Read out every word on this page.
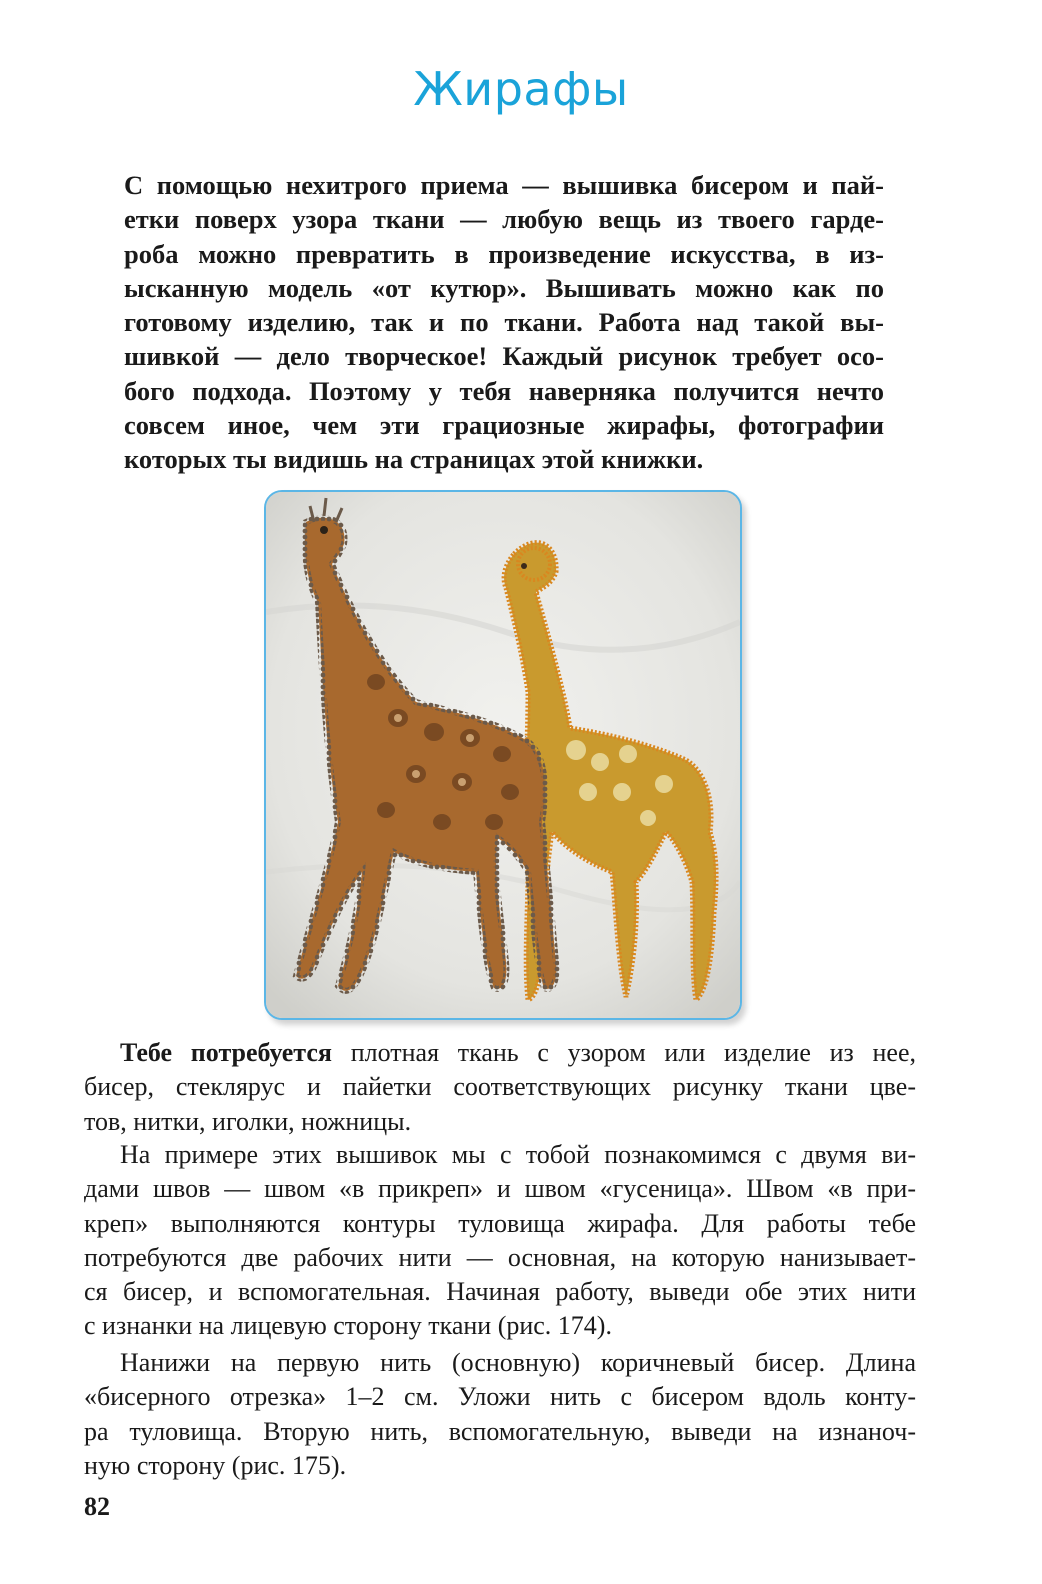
Жирафы
С помощью нехитрого приема — вышивка бисером и пай-
етки поверх узора ткани — любую вещь из твоего гарде-
роба можно превратить в произведение искусства, в из-
ысканную модель «от кутюр». Вышивать можно как по
готовому изделию, так и по ткани. Работа над такой вы-
шивкой — дело творческое! Каждый рисунок требует осо-
бого подхода. Поэтому у тебя наверняка получится нечто
совсем иное, чем эти грациозные жирафы, фотографии
которых ты видишь на страницах этой книжки.

Тебе потребуется плотная ткань с узором или изделие из нее,
бисер, стеклярус и пайетки соответствующих рисунку ткани цве-
тов, нитки, иголки, ножницы.

На примере этих вышивок мы с тобой познакомимся с двумя ви-
дами швов — швом «в прикреп» и швом «гусеница». Швом «в при-
креп» выполняются контуры туловища жирафа. Для работы тебе
потребуются две рабочих нити — основная, на которую нанизывает-
ся бисер, и вспомогательная. Начиная работу, выведи обе этих нити
с изнанки на лицевую сторону ткани (рис. 174).

Нанижи на первую нить (основную) коричневый бисер. Длина
«бисерного отрезка» 1–2 см. Уложи нить с бисером вдоль конту-
ра туловища. Вторую нить, вспомогательную, выведи на изнаноч-
ную сторону (рис. 175).

82
